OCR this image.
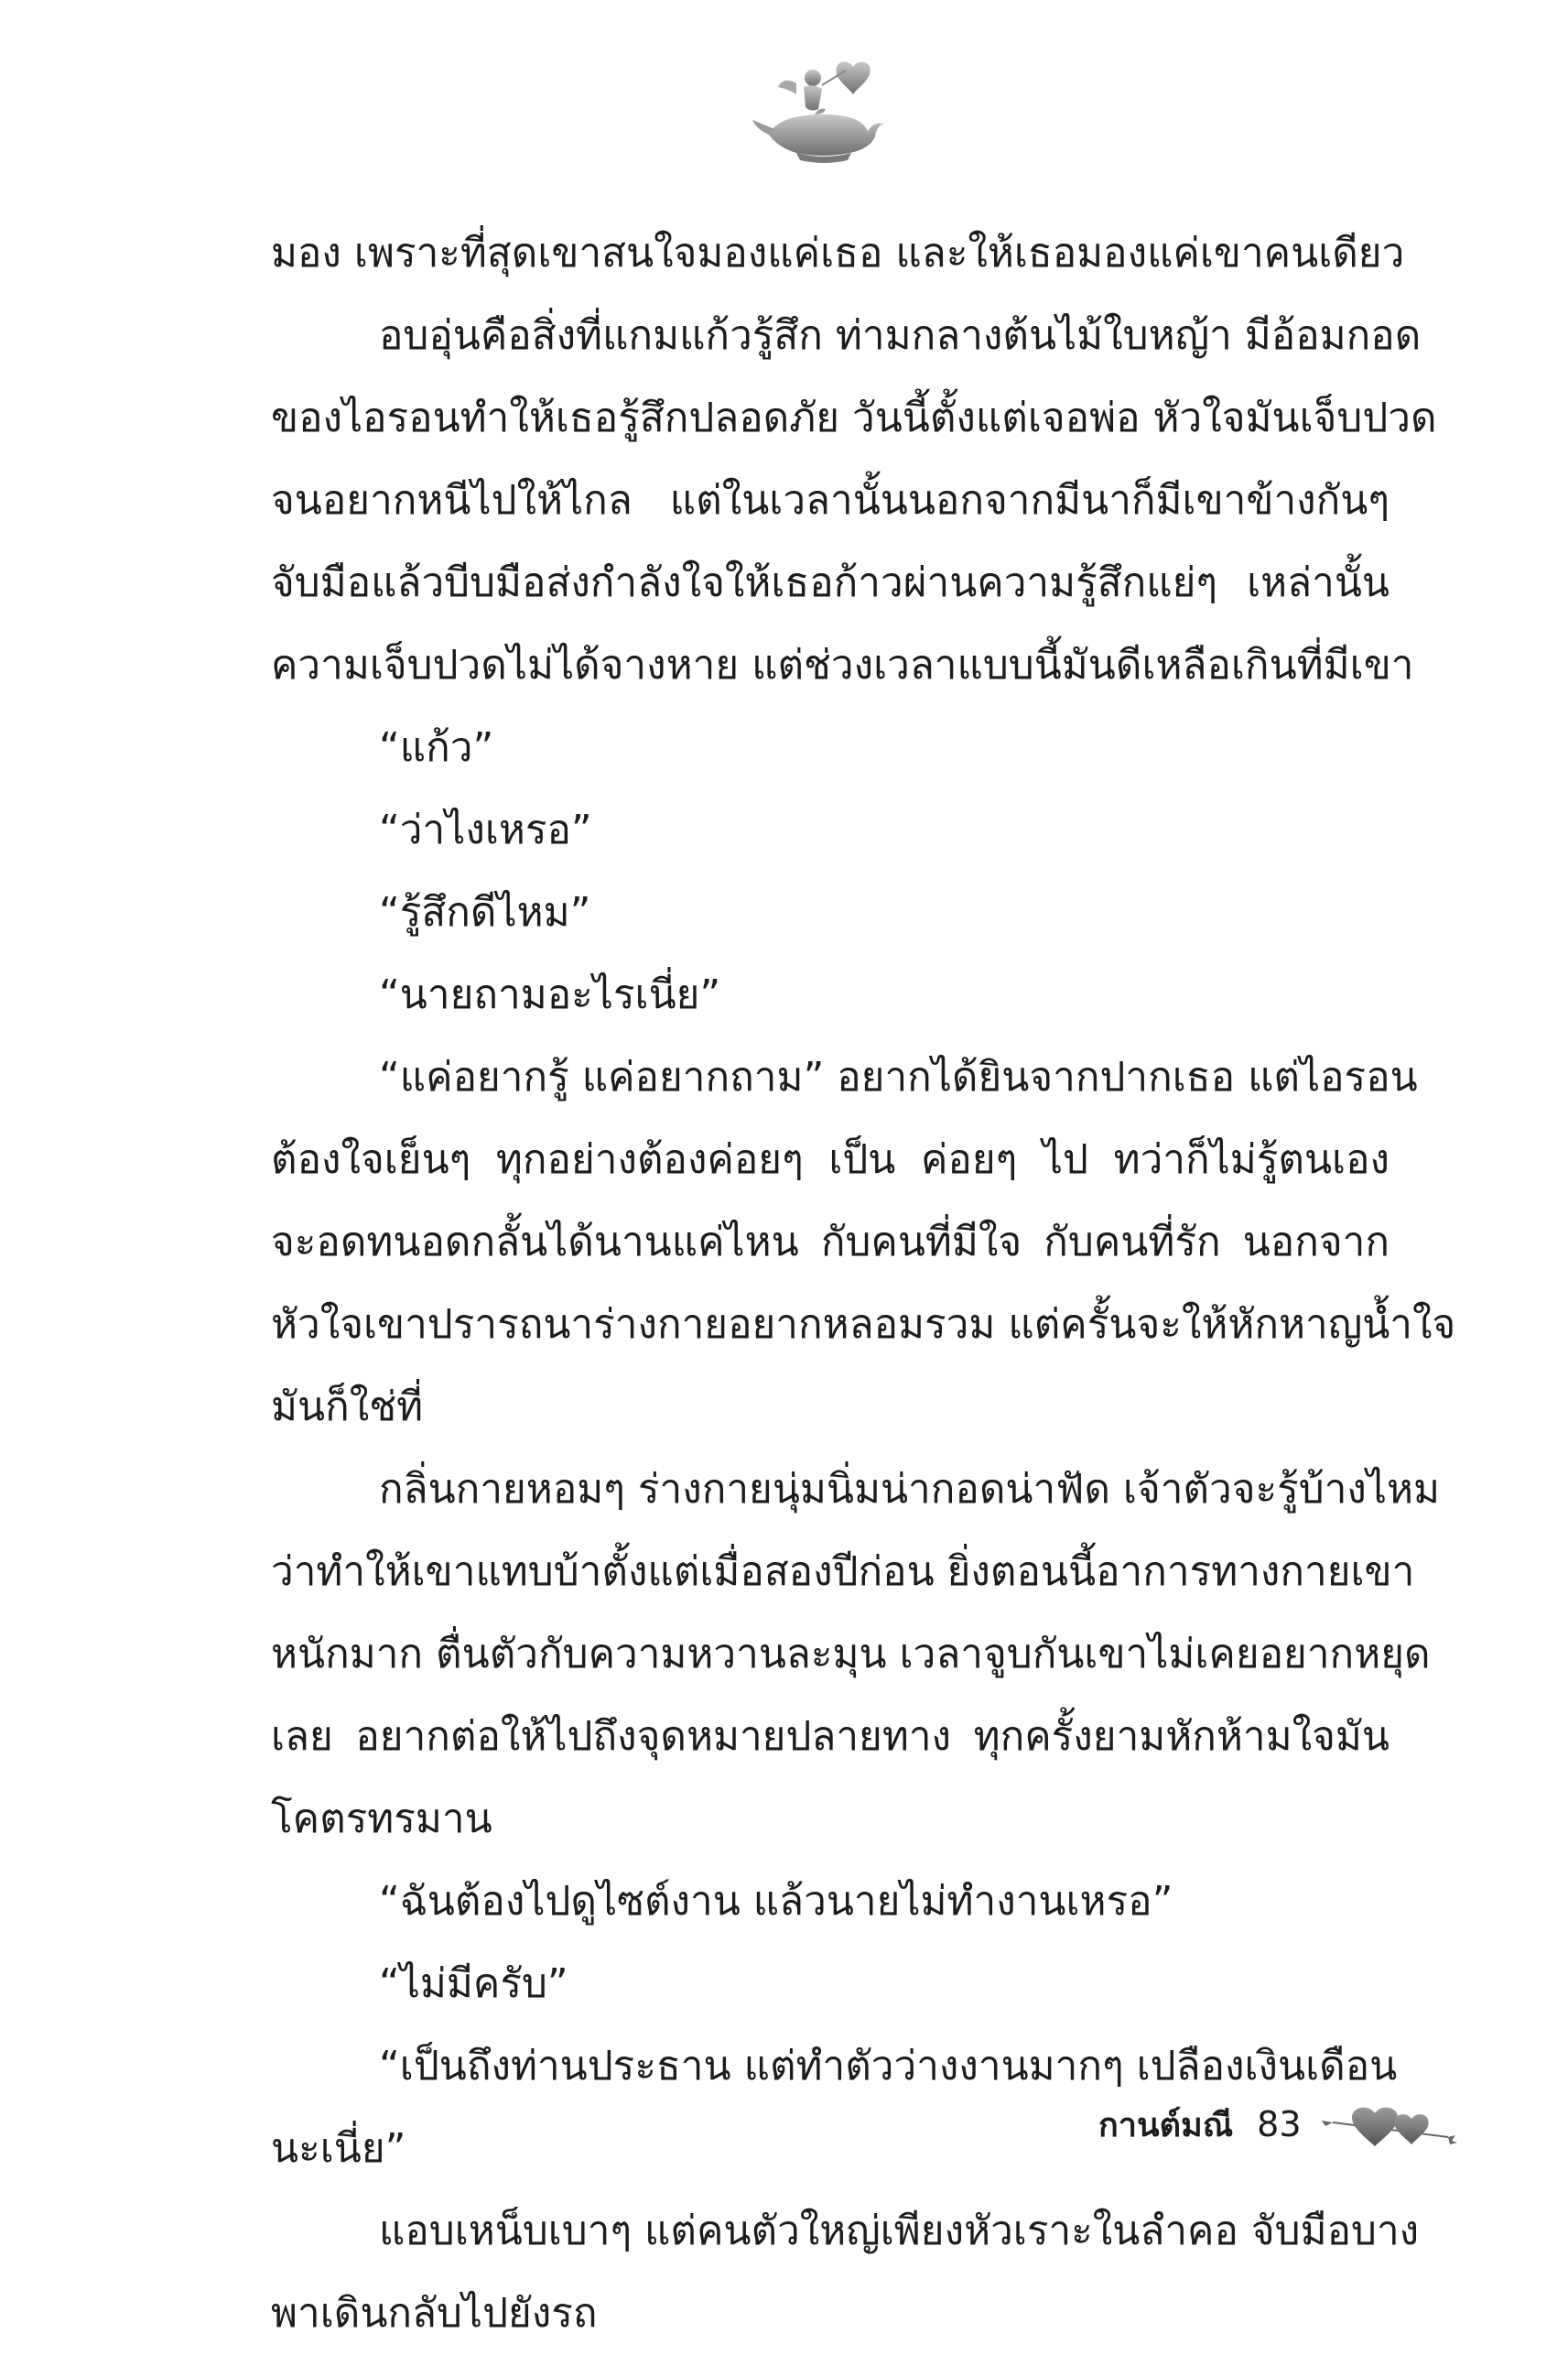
มอง เพราะที่สุดเขาสนใจมองแค่เธอ และให้เธอมองแค่เขาคนเดียว
อบอุ่นคือสิ่งที่แกมแก้วรู้สึก ท่ามกลางต้นไม้ใบหญ้า มีอ้อมกอด
ของไอรอนทำให้เธอรู้สึกปลอดภัย วันนี้ตั้งแต่เจอพ่อ หัวใจมันเจ็บปวด
จนอยากหนีไปให้ไกล แต่ในเวลานั้นนอกจากมีนาก็มีเขาข้างกันๆ
จับมือแล้วบีบมือส่งกำลังใจให้เธอก้าวผ่านความรู้สึกแย่ๆ เหล่านั้น
ความเจ็บปวดไม่ได้จางหาย แต่ช่วงเวลาแบบนี้มันดีเหลือเกินที่มีเขา
“แก้ว”
“ว่าไงเหรอ”
“รู้สึกดีไหม”
“นายถามอะไรเนี่ย”
“แค่อยากรู้ แค่อยากถาม” อยากได้ยินจากปากเธอ แต่ไอรอน
ต้องใจเย็นๆ ทุกอย่างต้องค่อยๆ เป็น ค่อยๆ ไป ทว่าก็ไม่รู้ตนเอง
จะอดทนอดกลั้นได้นานแค่ไหน กับคนที่มีใจ กับคนที่รัก นอกจาก
หัวใจเขาปรารถนาร่างกายอยากหลอมรวม แต่ครั้นจะให้หักหาญน้ำใจ
มันก็ใช่ที่
กลิ่นกายหอมๆ ร่างกายนุ่มนิ่มน่ากอดน่าฟัด เจ้าตัวจะรู้บ้างไหม
ว่าทำให้เขาแทบบ้าตั้งแต่เมื่อสองปีก่อน ยิ่งตอนนี้อาการทางกายเขา
หนักมาก ตื่นตัวกับความหวานละมุน เวลาจูบกันเขาไม่เคยอยากหยุด
เลย อยากต่อให้ไปถึงจุดหมายปลายทาง ทุกครั้งยามหักห้ามใจมัน
โคตรทรมาน
“ฉันต้องไปดูไซต์งาน แล้วนายไม่ทำงานเหรอ”
“ไม่มีครับ”
“เป็นถึงท่านประธาน แต่ทำตัวว่างงานมากๆ เปลืองเงินเดือน
นะเนี่ย”
แอบเหน็บเบาๆ แต่คนตัวใหญ่เพียงหัวเราะในลำคอ จับมือบาง
พาเดินกลับไปยังรถ
กานต์มณี 83
